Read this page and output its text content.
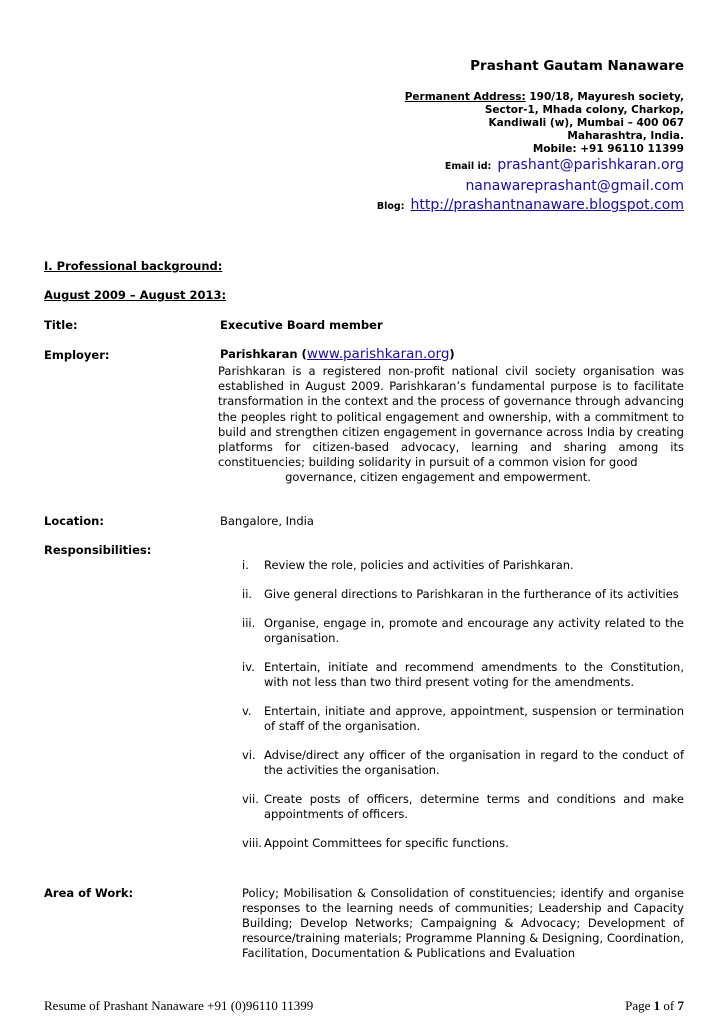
Prashant Gautam Nanaware
Permanent Address: 190/18, Mayuresh society,
Sector-1, Mhada colony, Charkop,
Kandiwali (w), Mumbai – 400 067
Maharashtra, India.
Mobile: +91 96110 11399
Email id: prashant@parishkaran.org
nanawareprashant@gmail.com
Blog: http://prashantnanaware.blogspot.com
I. Professional background:
August 2009 – August 2013:
Title:	Executive Board member
Employer:	Parishkaran (www.parishkaran.org)
Parishkaran is a registered non-profit national civil society organisation was established in August 2009. Parishkaran’s fundamental purpose is to facilitate transformation in the context and the process of governance through advancing the peoples right to political engagement and ownership, with a commitment to build and strengthen citizen engagement in governance across India by creating platforms for citizen-based advocacy, learning and sharing among its constituencies; building solidarity in pursuit of a common vision for good
governance, citizen engagement and empowerment.
Location:	Bangalore, India
Responsibilities:
i.	Review the role, policies and activities of Parishkaran.
ii.	Give general directions to Parishkaran in the furtherance of its activities
iii. Organise, engage in, promote and encourage any activity related to the organisation.
iv. Entertain, initiate and recommend amendments to the Constitution, with not less than two third present voting for the amendments.
v.	Entertain, initiate and approve, appointment, suspension or termination of staff of the organisation.
vi. Advise/direct any officer of the organisation in regard to the conduct of the activities the organisation.
vii. Create posts of officers, determine terms and conditions and make appointments of officers.
viii. Appoint Committees for specific functions.
Area of Work:	Policy; Mobilisation & Consolidation of constituencies; identify and organise responses to the learning needs of communities; Leadership and Capacity Building; Develop Networks; Campaigning & Advocacy; Development of resource/training materials; Programme Planning & Designing, Coordination, Facilitation, Documentation & Publications and Evaluation
Resume of Prashant Nanaware +91 (0)96110 11399	Page 1 of 7
